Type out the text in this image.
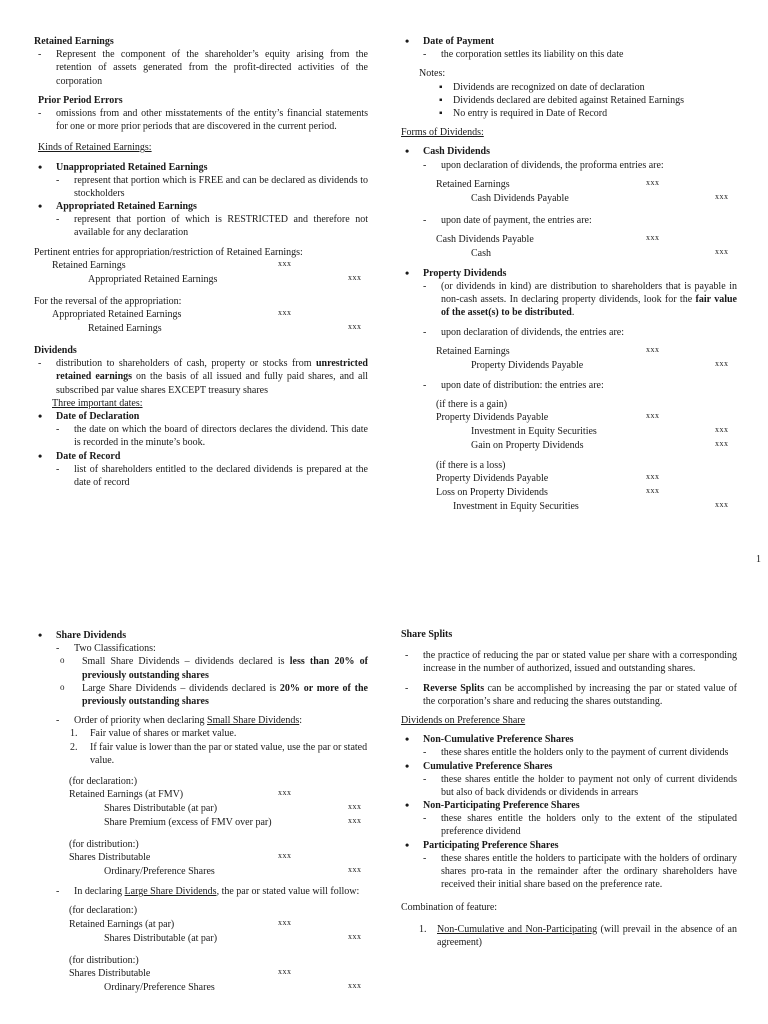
Retained Earnings

- Represent the component of the shareholder’s equity arising from the retention of assets generated from the profit-directed activities of the corporation

Prior Period Errors

- omissions from and other misstatements of the entity’s financial statements for one or more prior periods that are discovered in the current period.

Kinds of Retained Earnings:

• Unappropriated Retained Earnings

- represent that portion which is FREE and can be declared as dividends to stockholders

• Appropriated Retained Earnings

- represent that portion of which is RESTRICTED and therefore not available for any declaration

Pertinent entries for appropriation/restriction of Retained Earnings:

Retained Earnings	xxx
Appropriated Retained Earnings	xxx

For the reversal of the appropriation:

Appropriated Retained Earnings	xxx
Retained Earnings	xxx

Dividends

- distribution to shareholders of cash, property or stocks from unrestricted retained earnings on the basis of all issued and fully paid shares, and all subscribed par value shares EXCEPT treasury shares

Three important dates:

• Date of Declaration

- the date on which the board of directors declares the dividend. This date is recorded in the minute’s book.

• Date of Record

- list of shareholders entitled to the declared dividends is prepared at the date of record

• Date of Payment

- the corporation settles its liability on this date

Notes:

▪ Dividends are recognized on date of declaration

▪ Dividends declared are debited against Retained Earnings

▪ No entry is required in Date of Record

Forms of Dividends:

• Cash Dividends

- upon declaration of dividends, the proforma entries are:

Retained Earnings	xxx
Cash Dividends Payable	xxx

- upon date of payment, the entries are:

Cash Dividends Payable	xxx
Cash	xxx

• Property Dividends

- (or dividends in kind) are distribution to shareholders that is payable in non-cash assets. In declaring property dividends, look for the fair value of the asset(s) to be distributed.

- upon declaration of dividends, the entries are:

Retained Earnings	xxx
Property Dividends Payable	xxx

- upon date of distribution: the entries are:

(if there is a gain)

Property Dividends Payable	xxx
Investment in Equity Securities	xxx
Gain on Property Dividends	xxx

(if there is a loss)

Property Dividends Payable	xxx
Loss on Property Dividends	xxx
Investment in Equity Securities	xxx
1

• Share Dividends

- Two Classifications:

o Small Share Dividends – dividends declared is less than 20% of previously outstanding shares

o Large Share Dividends – dividends declared is 20% or more of the previously outstanding shares

- Order of priority when declaring Small Share Dividends:

1. Fair value of shares or market value.

2. If fair value is lower than the par or stated value, use the par or stated value.

(for declaration:)

Retained Earnings (at FMV)	xxx
Shares Distributable (at par)	xxx
Share Premium (excess of FMV over par)	xxx

(for distribution:)

Shares Distributable	xxx
Ordinary/Preference Shares	xxx

- In declaring Large Share Dividends, the par or stated value will follow:

(for declaration:)

Retained Earnings (at par)	xxx
Shares Distributable (at par)	xxx

(for distribution:)

Shares Distributable	xxx
Ordinary/Preference Shares	xxx

Share Splits

- the practice of reducing the par or stated value per share with a corresponding increase in the number of authorized, issued and outstanding shares.

- Reverse Splits can be accomplished by increasing the par or stated value of the corporation’s share and reducing the shares outstanding.

Dividends on Preference Share

• Non-Cumulative Preference Shares

- these shares entitle the holders only to the payment of current dividends

• Cumulative Preference Shares

- these shares entitle the holder to payment not only of current dividends but also of back dividends or dividends in arrears

• Non-Participating Preference Shares

- these shares entitle the holders only to the extent of the stipulated preference dividend

• Participating Preference Shares

- these shares entitle the holders to participate with the holders of ordinary shares pro-rata in the remainder after the ordinary shareholders have received their initial share based on the preference rate.

Combination of feature:

1. Non-Cumulative and Non-Participating (will prevail in the absence of an agreement)
